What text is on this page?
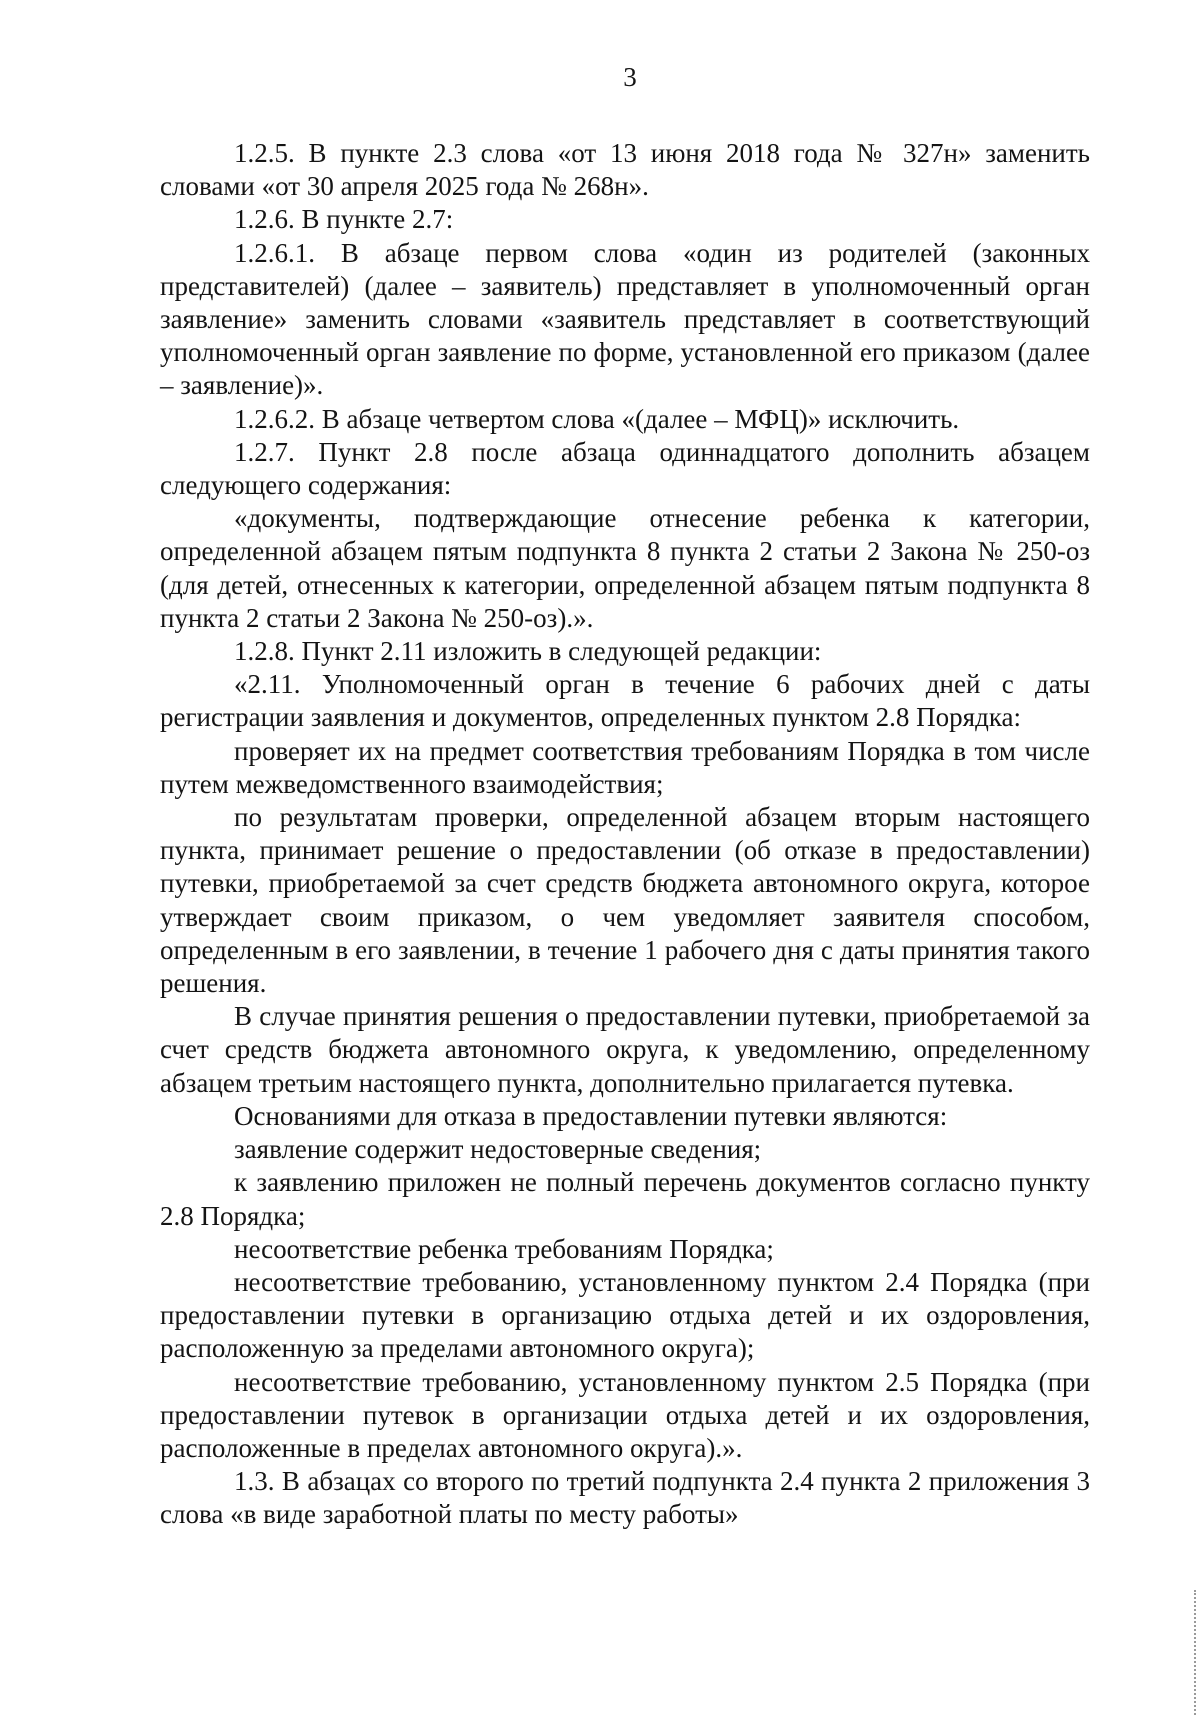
3

1.2.5. В пункте 2.3 слова «от 13 июня 2018 года № 327н» заменить словами «от 30 апреля 2025 года № 268н».

1.2.6. В пункте 2.7:

1.2.6.1. В абзаце первом слова «один из родителей (законных представителей) (далее – заявитель) представляет в уполномоченный орган заявление» заменить словами «заявитель представляет в соответствующий уполномоченный орган заявление по форме, установленной его приказом (далее – заявление)».

1.2.6.2. В абзаце четвертом слова «(далее – МФЦ)» исключить.

1.2.7. Пункт 2.8 после абзаца одиннадцатого дополнить абзацем следующего содержания:

«документы, подтверждающие отнесение ребенка к категории, определенной абзацем пятым подпункта 8 пункта 2 статьи 2 Закона № 250-оз (для детей, отнесенных к категории, определенной абзацем пятым подпункта 8 пункта 2 статьи 2 Закона № 250-оз).».

1.2.8. Пункт 2.11 изложить в следующей редакции:

«2.11. Уполномоченный орган в течение 6 рабочих дней с даты регистрации заявления и документов, определенных пунктом 2.8 Порядка:

проверяет их на предмет соответствия требованиям Порядка в том числе путем межведомственного взаимодействия;

по результатам проверки, определенной абзацем вторым настоящего пункта, принимает решение о предоставлении (об отказе в предоставлении) путевки, приобретаемой за счет средств бюджета автономного округа, которое утверждает своим приказом, о чем уведомляет заявителя способом, определенным в его заявлении, в течение 1 рабочего дня с даты принятия такого решения.

В случае принятия решения о предоставлении путевки, приобретаемой за счет средств бюджета автономного округа, к уведомлению, определенному абзацем третьим настоящего пункта, дополнительно прилагается путевка.

Основаниями для отказа в предоставлении путевки являются:

заявление содержит недостоверные сведения;

к заявлению приложен не полный перечень документов согласно пункту 2.8 Порядка;

несоответствие ребенка требованиям Порядка;

несоответствие требованию, установленному пунктом 2.4 Порядка (при предоставлении путевки в организацию отдыха детей и их оздоровления, расположенную за пределами автономного округа);

несоответствие требованию, установленному пунктом 2.5 Порядка (при предоставлении путевок в организации отдыха детей и их оздоровления, расположенные в пределах автономного округа).».

1.3. В абзацах со второго по третий подпункта 2.4 пункта 2 приложения 3 слова «в виде заработной платы по месту работы»
